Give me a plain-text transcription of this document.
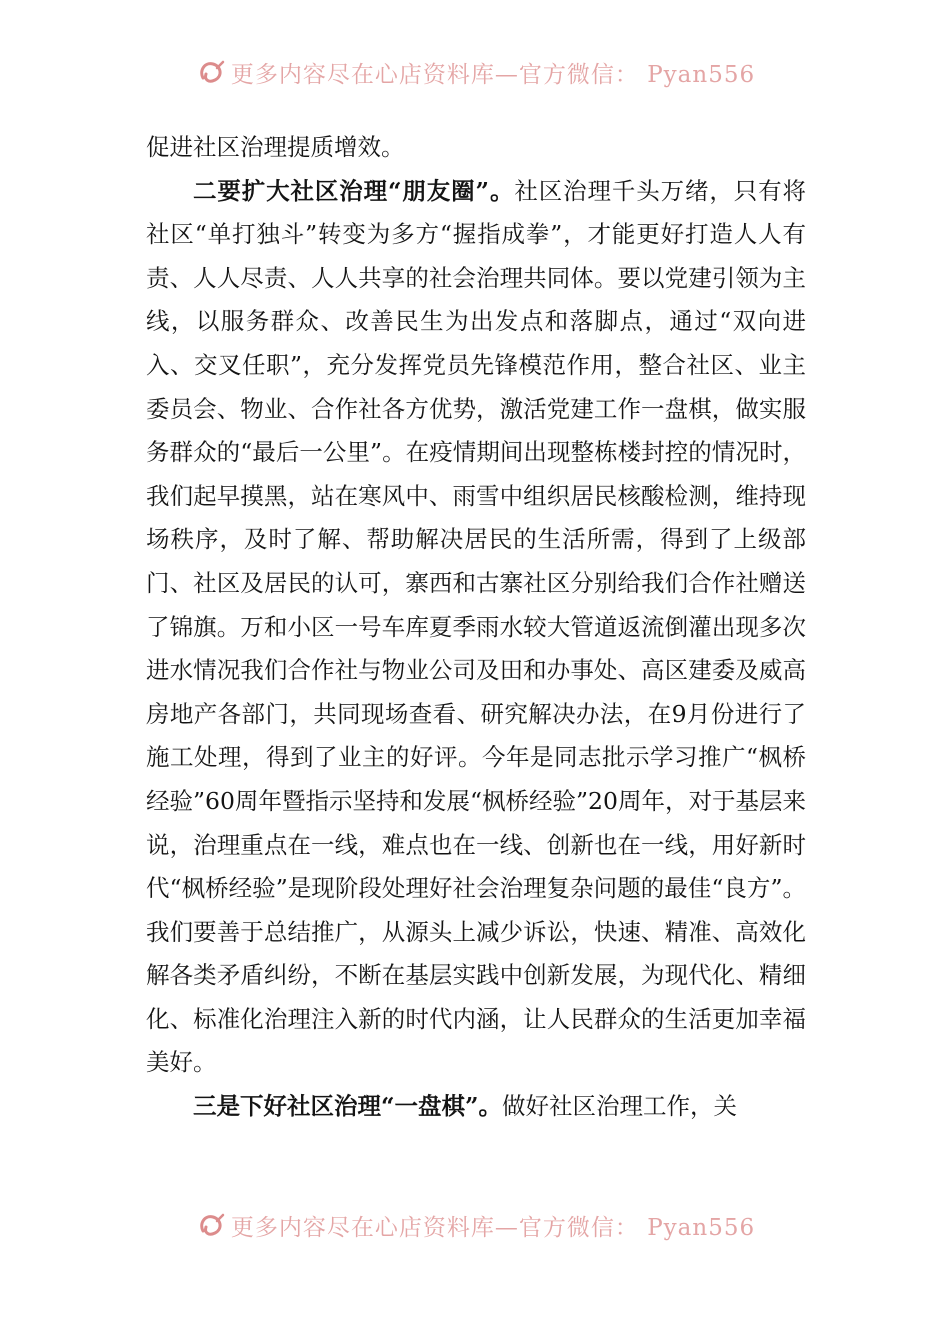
更多内容尽在心店资料库—官方微信： Pyan556

促进社区治理提质增效。

二要扩大社区治理“朋友圈”。社区治理千头万绪，只有将社区“单打独斗”转变为多方“握指成拳”，才能更好打造人人有责、人人尽责、人人共享的社会治理共同体。要以党建引领为主线，以服务群众、改善民生为出发点和落脚点，通过“双向进入、交叉任职”，充分发挥党员先锋模范作用，整合社区、业主委员会、物业、合作社各方优势，激活党建工作一盘棋，做实服务群众的“最后一公里”。在疫情期间出现整栋楼封控的情况时，我们起早摸黑，站在寒风中、雨雪中组织居民核酸检测，维持现场秩序，及时了解、帮助解决居民的生活所需，得到了上级部门、社区及居民的认可，寨西和古寨社区分别给我们合作社赠送了锦旗。万和小区一号车库夏季雨水较大管道返流倒灌出现多次进水情况我们合作社与物业公司及田和办事处、高区建委及威高房地产各部门，共同现场查看、研究解决办法，在9月份进行了施工处理，得到了业主的好评。今年是同志批示学习推广“枫桥经验”60周年暨指示坚持和发展“枫桥经验”20周年，对于基层来说，治理重点在一线，难点也在一线、创新也在一线，用好新时代“枫桥经验”是现阶段处理好社会治理复杂问题的最佳“良方”。我们要善于总结推广，从源头上减少诉讼，快速、精准、高效化解各类矛盾纠纷，不断在基层实践中创新发展，为现代化、精细化、标准化治理注入新的时代内涵，让人民群众的生活更加幸福美好。

三是下好社区治理“一盘棋”。做好社区治理工作，关

更多内容尽在心店资料库—官方微信： Pyan556
